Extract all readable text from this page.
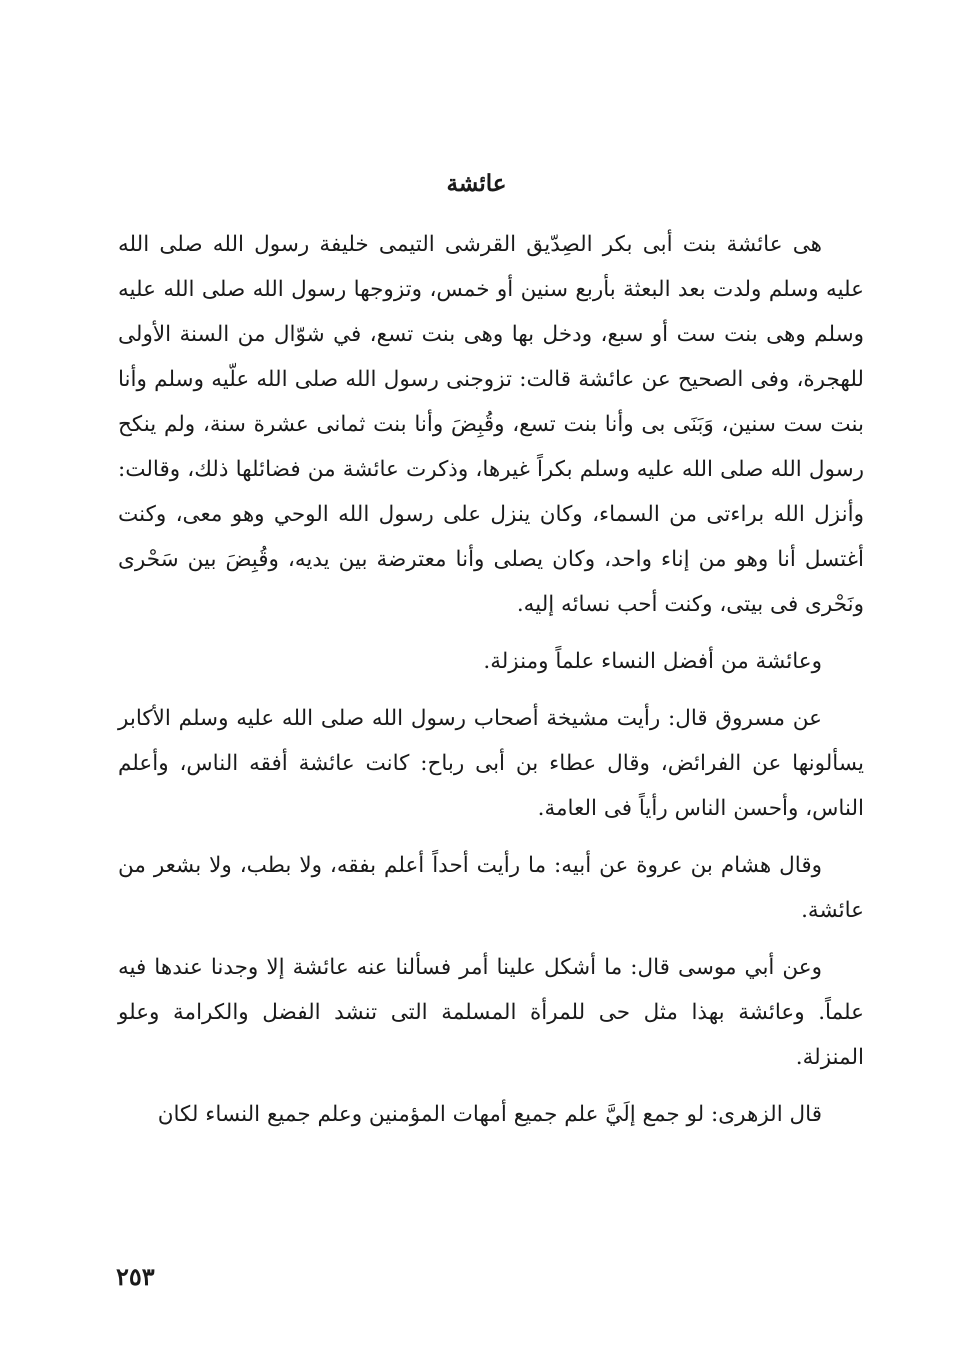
عائشة

هى عائشة بنت أبى بكر الصِدّيق القرشى التيمى خليفة رسول الله صلى الله عليه وسلم ولدت بعد البعثة بأربع سنين أو خمس، وتزوجها رسول الله صلى الله عليه وسلم وهى بنت ست أو سبع، ودخل بها وهى بنت تسع، في شوّال من السنة الأولى للهجرة، وفى الصحيح عن عائشة قالت: تزوجنى رسول الله صلى الله علّيه وسلم وأنا بنت ست سنين، وَبَنَى بى وأنا بنت تسع، وقُبِضَ وأنا بنت ثمانى عشرة سنة، ولم ينكح رسول الله صلى الله عليه وسلم بكراً غيرها، وذكرت عائشة من فضائلها ذلك، وقالت: وأنزل الله براءتى من السماء، وكان ينزل على رسول الله الوحي وهو معى، وكنت أغتسل أنا وهو من إناء واحد، وكان يصلى وأنا معترضة بين يديه، وقُبِضَ بين سَحْرى ونَحْرى فى بيتى، وكنت أحب نسائه إليه.

وعائشة من أفضل النساء علماً ومنزلة.

عن مسروق قال: رأيت مشيخة أصحاب رسول الله صلى الله عليه وسلم الأكابر يسألونها عن الفرائض، وقال عطاء بن أبى رباح: كانت عائشة أفقه الناس، وأعلم الناس، وأحسن الناس رأياً فى العامة.

وقال هشام بن عروة عن أبيه: ما رأيت أحداً أعلم بفقه، ولا بطب، ولا بشعر من عائشة.

وعن أبي موسى قال: ما أشكل علينا أمر فسألنا عنه عائشة إلا وجدنا عندها فيه علماً. وعائشة بهذا مثل حى للمرأة المسلمة التى تنشد الفضل والكرامة وعلو المنزلة.

قال الزهرى: لو جمع إلَيَّ علم جميع أمهات المؤمنين وعلم جميع النساء لكان

٢٥٣
